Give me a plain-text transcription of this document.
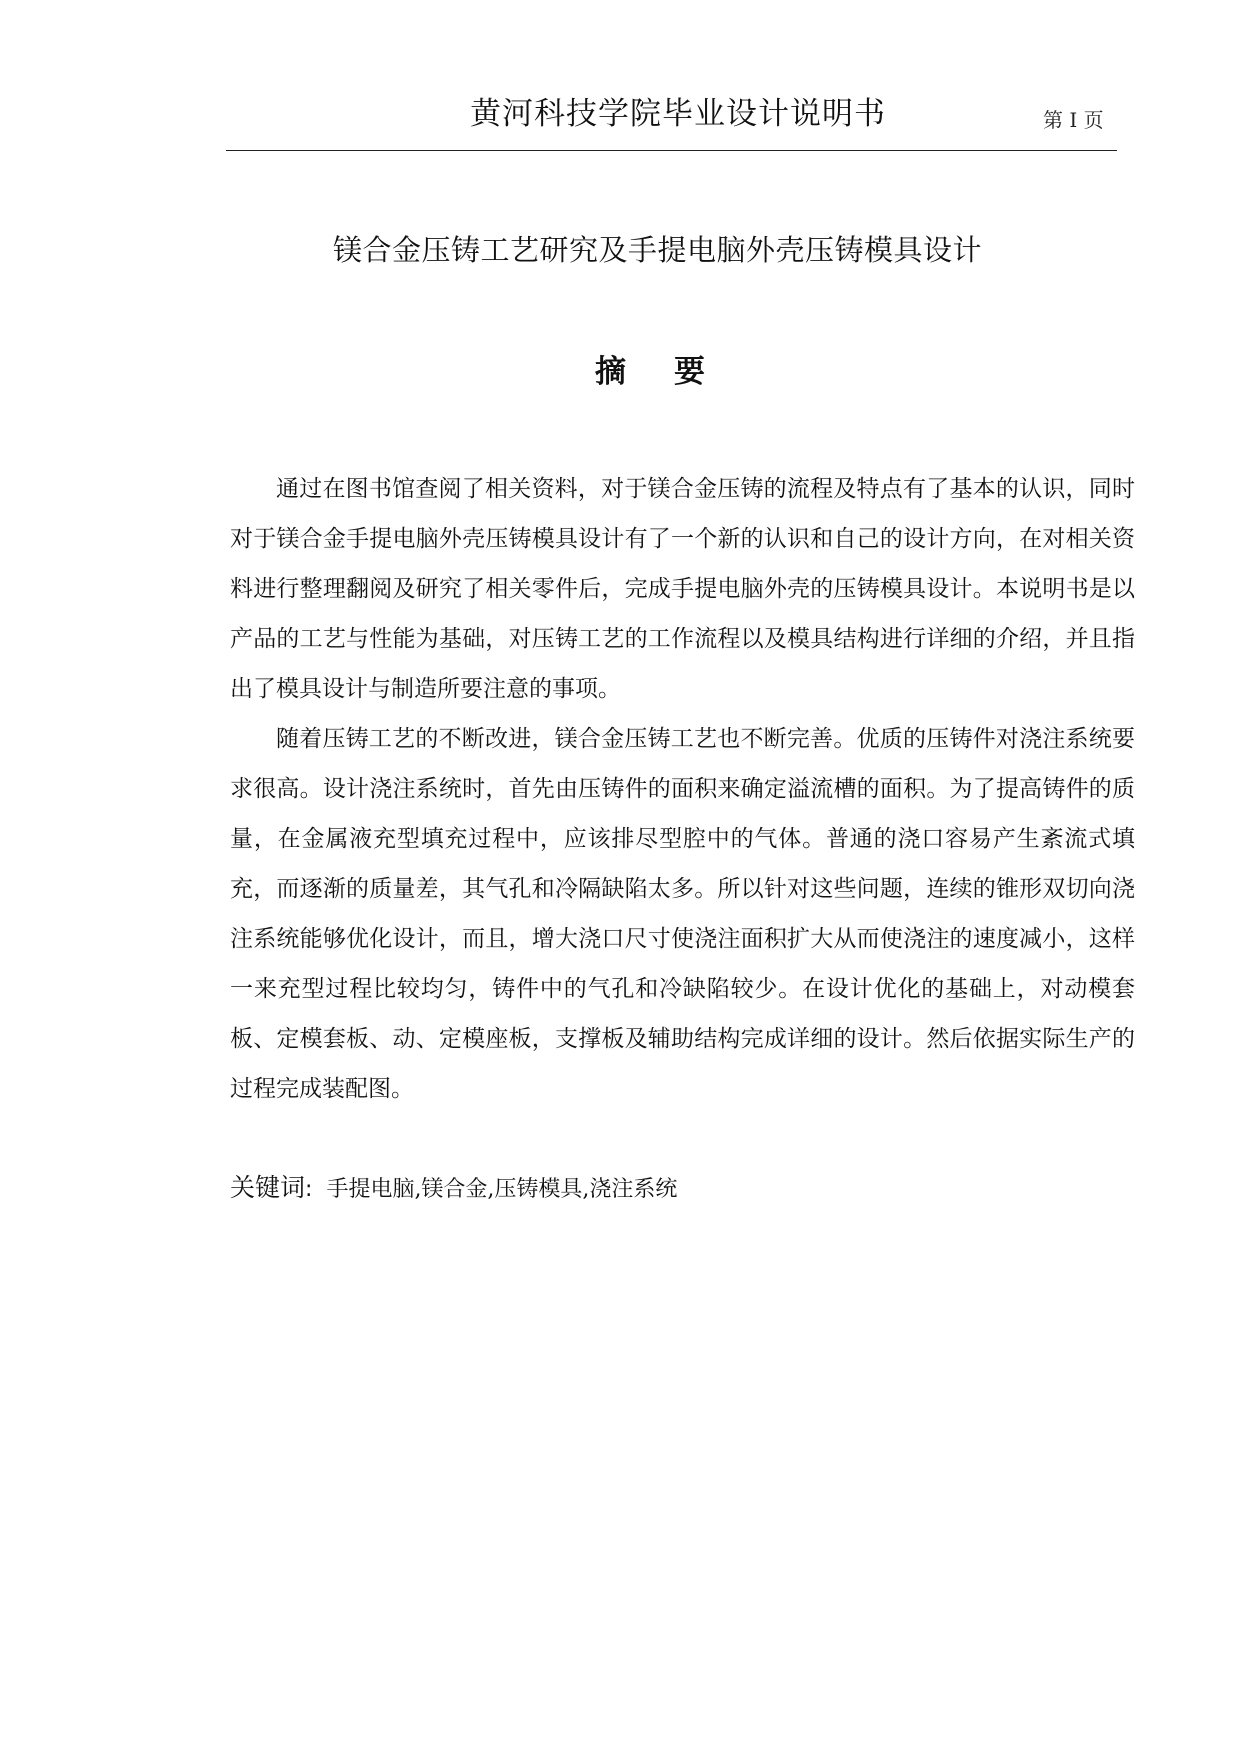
黄河科技学院毕业设计说明书	第 I 页
镁合金压铸工艺研究及手提电脑外壳压铸模具设计
摘要

通过在图书馆查阅了相关资料，对于镁合金压铸的流程及特点有了基本的认识，同时对于镁合金手提电脑外壳压铸模具设计有了一个新的认识和自己的设计方向，在对相关资料进行整理翻阅及研究了相关零件后，完成手提电脑外壳的压铸模具设计。本说明书是以产品的工艺与性能为基础，对压铸工艺的工作流程以及模具结构进行详细的介绍，并且指出了模具设计与制造所要注意的事项。

随着压铸工艺的不断改进，镁合金压铸工艺也不断完善。优质的压铸件对浇注系统要求很高。设计浇注系统时，首先由压铸件的面积来确定溢流槽的面积。为了提高铸件的质量，在金属液充型填充过程中，应该排尽型腔中的气体。普通的浇口容易产生紊流式填充，而逐渐的质量差，其气孔和冷隔缺陷太多。所以针对这些问题，连续的锥形双切向浇注系统能够优化设计，而且，增大浇口尺寸使浇注面积扩大从而使浇注的速度减小，这样一来充型过程比较均匀，铸件中的气孔和冷缺陷较少。在设计优化的基础上，对动模套板、定模套板、动、定模座板，支撑板及辅助结构完成详细的设计。然后依据实际生产的过程完成装配图。

关键词: 手提电脑,镁合金,压铸模具,浇注系统
